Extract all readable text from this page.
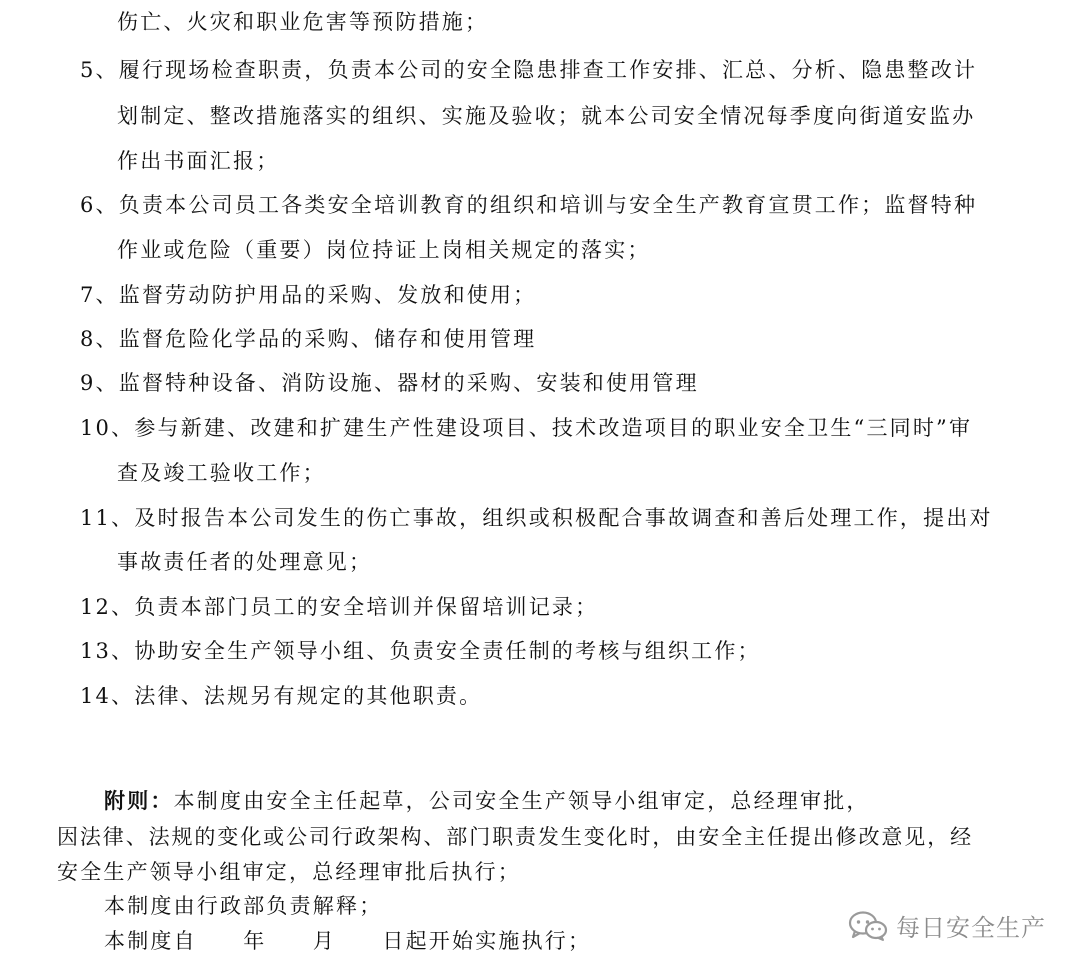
伤亡、火灾和职业危害等预防措施；
5、履行现场检查职责，负责本公司的安全隐患排查工作安排、汇总、分析、隐患整改计
划制定、整改措施落实的组织、实施及验收；就本公司安全情况每季度向街道安监办
作出书面汇报；
6、负责本公司员工各类安全培训教育的组织和培训与安全生产教育宣贯工作；监督特种
作业或危险（重要）岗位持证上岗相关规定的落实；
7、监督劳动防护用品的采购、发放和使用；
8、监督危险化学品的采购、储存和使用管理
9、监督特种设备、消防设施、器材的采购、安装和使用管理
10、参与新建、改建和扩建生产性建设项目、技术改造项目的职业安全卫生“三同时”审
查及竣工验收工作；
11、及时报告本公司发生的伤亡事故，组织或积极配合事故调查和善后处理工作，提出对
事故责任者的处理意见；
12、负责本部门员工的安全培训并保留培训记录；
13、协助安全生产领导小组、负责安全责任制的考核与组织工作；
14、法律、法规另有规定的其他职责。
附则：本制度由安全主任起草，公司安全生产领导小组审定，总经理审批，
因法律、法规的变化或公司行政架构、部门职责发生变化时，由安全主任提出修改意见，经
安全生产领导小组审定，总经理审批后执行；
本制度由行政部负责解释；
本制度自　　年　　月　　日起开始实施执行；	每日安全生产
